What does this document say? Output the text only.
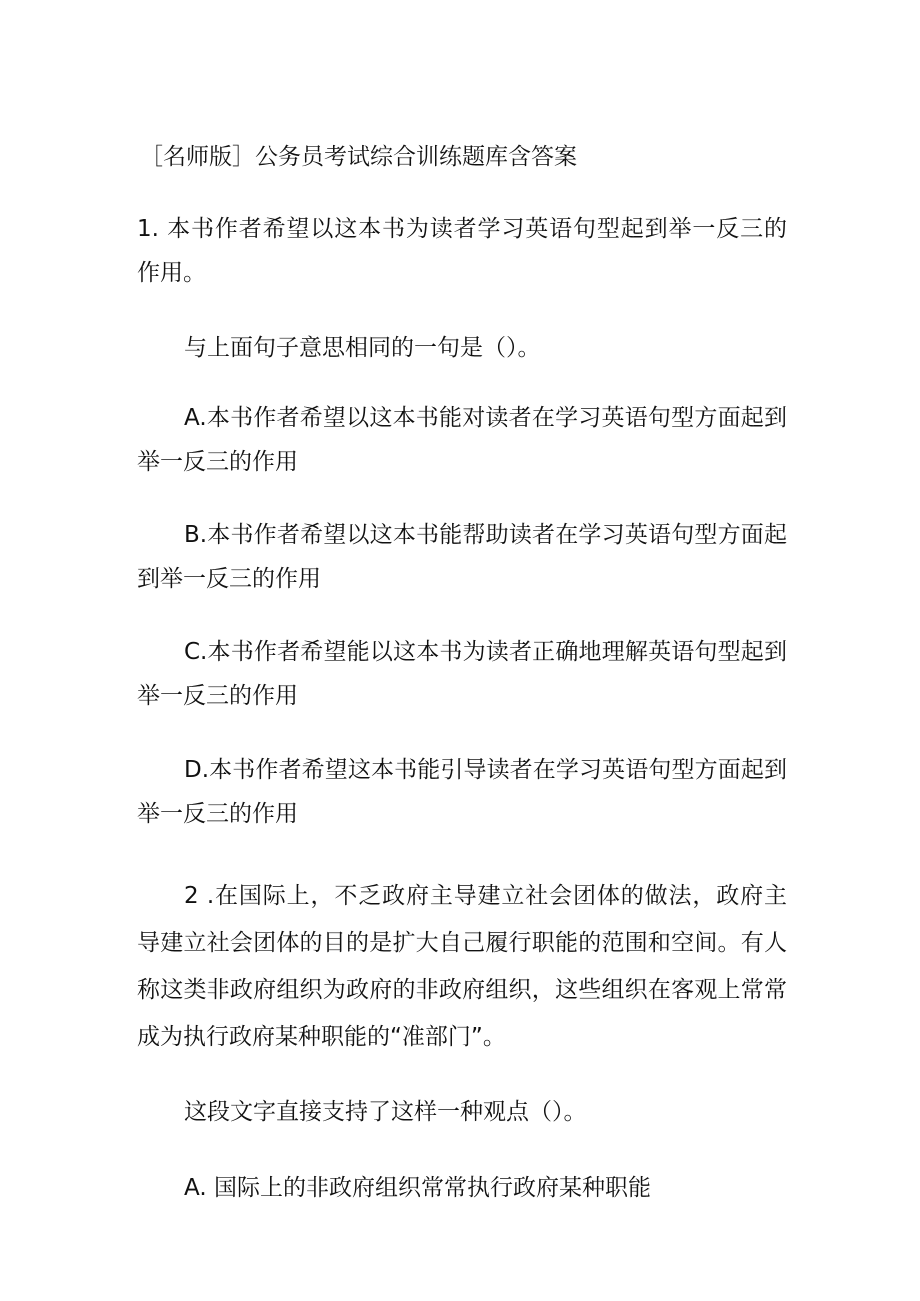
［名师版］公务员考试综合训练题库含答案
1. 本书作者希望以这本书为读者学习英语句型起到举一反三的作用。
与上面句子意思相同的一句是（）。
A.本书作者希望以这本书能对读者在学习英语句型方面起到举一反三的作用
B.本书作者希望以这本书能帮助读者在学习英语句型方面起到举一反三的作用
C.本书作者希望能以这本书为读者正确地理解英语句型起到举一反三的作用
D.本书作者希望这本书能引导读者在学习英语句型方面起到举一反三的作用
2 .在国际上，不乏政府主导建立社会团体的做法，政府主导建立社会团体的目的是扩大自己履行职能的范围和空间。有人称这类非政府组织为政府的非政府组织，这些组织在客观上常常成为执行政府某种职能的“准部门”。
这段文字直接支持了这样一种观点（）。
A. 国际上的非政府组织常常执行政府某种职能
